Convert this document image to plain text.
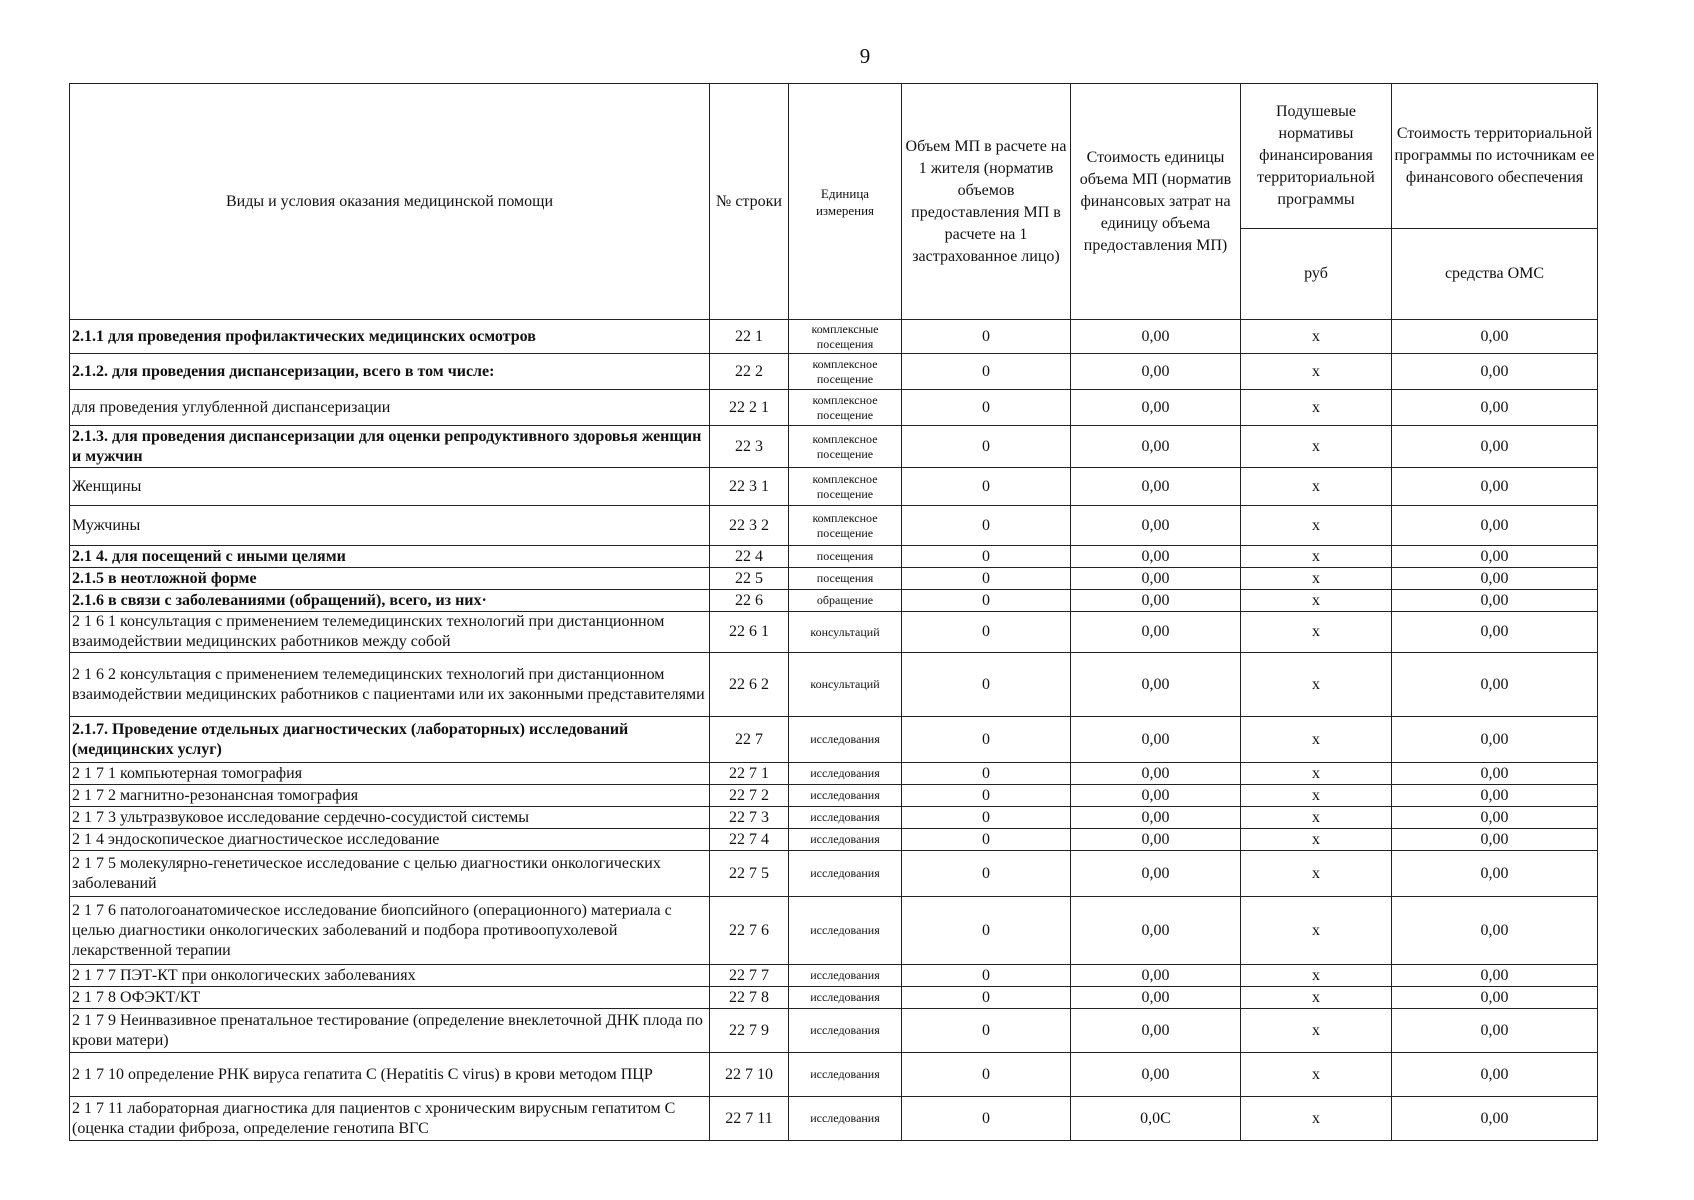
9
Виды и условия оказания медицинской помощи	№ строки	Единица измерения	Объем МП в расчете на 1 жителя (норматив объемов предоставления МП в расчете на 1 застрахованное лицо)	Стоимость единицы объема МП (норматив финансовых затрат на единицу объема предоставления МП)	Подушевые нормативы финансирования территориальной программы	Стоимость территориальной программы по источникам ее финансового обеспечения
					руб	средства ОМС
2.1.1 для проведения профилактических медицинских осмотров	22 1	комплексные посещения	0	0,00	х	0,00
2.1.2. для проведения диспансеризации, всего в том числе:	22 2	комплексное посещение	0	0,00	х	0,00
для проведения углубленной диспансеризации	22 2 1	комплексное посещение	0	0,00	х	0,00
2.1.3. для проведения диспансеризации для оценки репродуктивного здоровья женщин и мужчин	22 3	комплексное посещение	0	0,00	х	0,00
Женщины	22 3 1	комплексное посещение	0	0,00	х	0,00
Мужчины	22 3 2	комплексное посещение	0	0,00	х	0,00
2.1 4. для посещений с иными целями	22 4	посещения	0	0,00	х	0,00
2.1.5 в неотложной форме	22 5	посещения	0	0,00	х	0,00
2.1.6 в связи с заболеваниями (обращений), всего, из них·	22 6	обращение	0	0,00	х	0,00
2 1 6 1 консультация с применением телемедицинских технологий при дистанционном взаимодействии медицинских работников между собой	22 6 1	консультаций	0	0,00	х	0,00
2 1 6 2 консультация с применением телемедицинских технологий при дистанционном взаимодействии медицинских работников с пациентами или их законными представителями	22 6 2	консультаций	0	0,00	х	0,00
2.1.7. Проведение отдельных диагностических (лабораторных) исследований (медицинских услуг)	22 7	исследования	0	0,00	х	0,00
2 1 7 1 компьютерная томография	22 7 1	исследования	0	0,00	х	0,00
2 1 7 2 магнитно-резонансная томография	22 7 2	исследования	0	0,00	х	0,00
2 1 7 3 ультразвуковое исследование сердечно-сосудистой системы	22 7 3	исследования	0	0,00	х	0,00
2 1 4 эндоскопическое диагностическое исследование	22 7 4	исследования	0	0,00	х	0,00
2 1 7 5 молекулярно-генетическое исследование с целью диагностики онкологических заболеваний	22 7 5	исследования	0	0,00	х	0,00
2 1 7 6 патологоанатомическое исследование биопсийного (операционного) материала с целью диагностики онкологических заболеваний и подбора противоопухолевой лекарственной терапии	22 7 6	исследования	0	0,00	х	0,00
2 1 7 7 ПЭТ-КТ при онкологических заболеваниях	22 7 7	исследования	0	0,00	х	0,00
2 1 7 8 ОФЭКТ/КТ	22 7 8	исследования	0	0,00	х	0,00
2 1 7 9 Неинвазивное пренатальное тестирование (определение внеклеточной ДНК плода по крови матери)	22 7 9	исследования	0	0,00	х	0,00
2 1 7 10 определение РНК вируса гепатита С (Hepatitis C virus) в крови методом ПЦР	22 7 10	исследования	0	0,00	х	0,00
2 1 7 11 лабораторная диагностика для пациентов с хроническим вирусным гепатитом С (оценка стадии фиброза, определение генотипа ВГС	22 7 11	исследования	0	0,0С	х	0,00
